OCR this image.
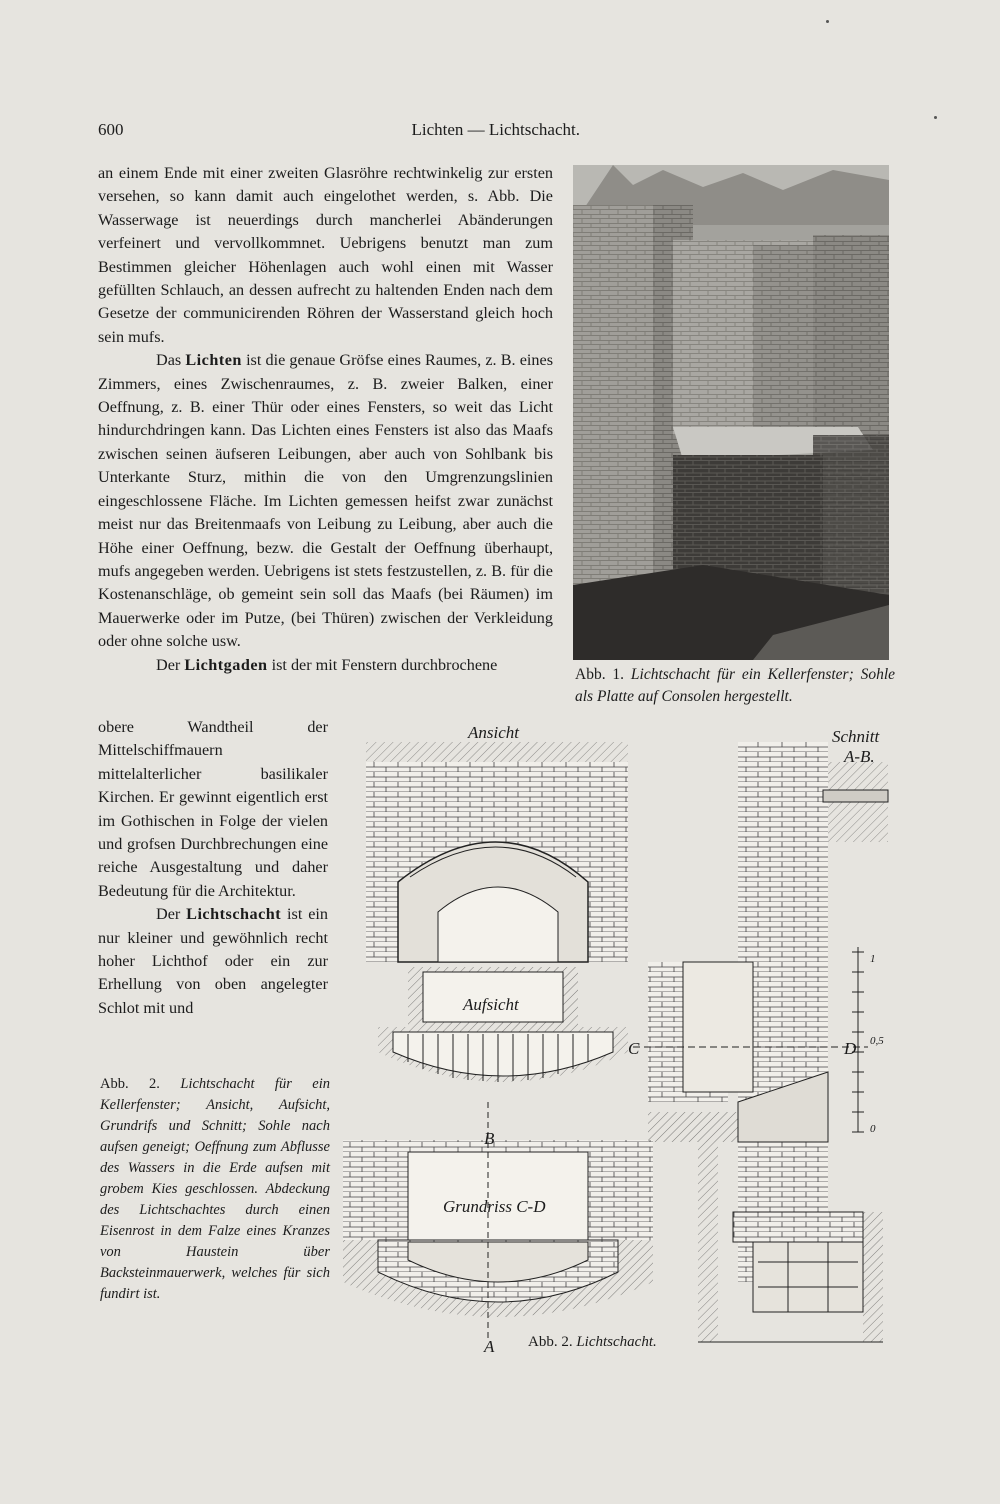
600	Lichten — Lichtschacht.

an einem Ende mit einer zweiten Glasröhre rechtwinkelig zur ersten versehen, so kann damit auch eingelothet werden, s. Abb. Die Wasserwage ist neuerdings durch mancherlei Abänderungen verfeinert und vervollkommnet. Uebrigens benutzt man zum Bestimmen gleicher Höhenlagen auch wohl einen mit Wasser gefüllten Schlauch, an dessen aufrecht zu haltenden Enden nach dem Gesetze der communicirenden Röhren der Wasserstand gleich hoch sein mufs.

Das Lichten ist die genaue Gröfse eines Raumes, z. B. eines Zimmers, eines Zwischenraumes, z. B. zweier Balken, einer Oeffnung, z. B. einer Thür oder eines Fensters, so weit das Licht hindurchdringen kann. Das Lichten eines Fensters ist also das Maafs zwischen seinen äufseren Leibungen, aber auch von Sohlbank bis Unterkante Sturz, mithin die von den Umgrenzungslinien eingeschlossene Fläche. Im Lichten gemessen heifst zwar zunächst meist nur das Breitenmaafs von Leibung zu Leibung, aber auch die Höhe einer Oeffnung, bezw. die Gestalt der Oeffnung überhaupt, mufs angegeben werden. Uebrigens ist stets festzustellen, z. B. für die Kostenanschläge, ob gemeint sein soll das Maafs (bei Räumen) im Mauerwerke oder im Putze, (bei Thüren) zwischen der Verkleidung oder ohne solche usw.

Der Lichtgaden ist der mit Fenstern durchbrochene

obere Wandtheil der Mittelschiffmauern mittelalterlicher basilikaler Kirchen. Er gewinnt eigentlich erst im Gothischen in Folge der vielen und grofsen Durchbrechungen eine reiche Ausgestaltung und daher Bedeutung für die Architektur.

Der Lichtschacht ist ein nur kleiner und gewöhnlich recht hoher Lichthof oder ein zur Erhellung von oben angelegter Schlot mit und

Abb. 2. Lichtschacht für ein Kellerfenster; Ansicht, Aufsicht, Grundrifs und Schnitt; Sohle nach aufsen geneigt; Oeffnung zum Abflusse des Wassers in die Erde aufsen mit grobem Kies geschlossen. Abdeckung des Lichtschachtes durch einen Eisenrost in dem Falze eines Kranzes von Haustein über Backsteinmauerwerk, welches für sich fundirt ist.
Abb. 1. Lichtschacht für ein Kellerfenster; Sohle als Platte auf Consolen hergestellt.
Ansicht	Schnitt
A-B.
Aufsicht
Grundriss C-D
C	D
B
A
1
0,5
0
Abb. 2. Lichtschacht.
